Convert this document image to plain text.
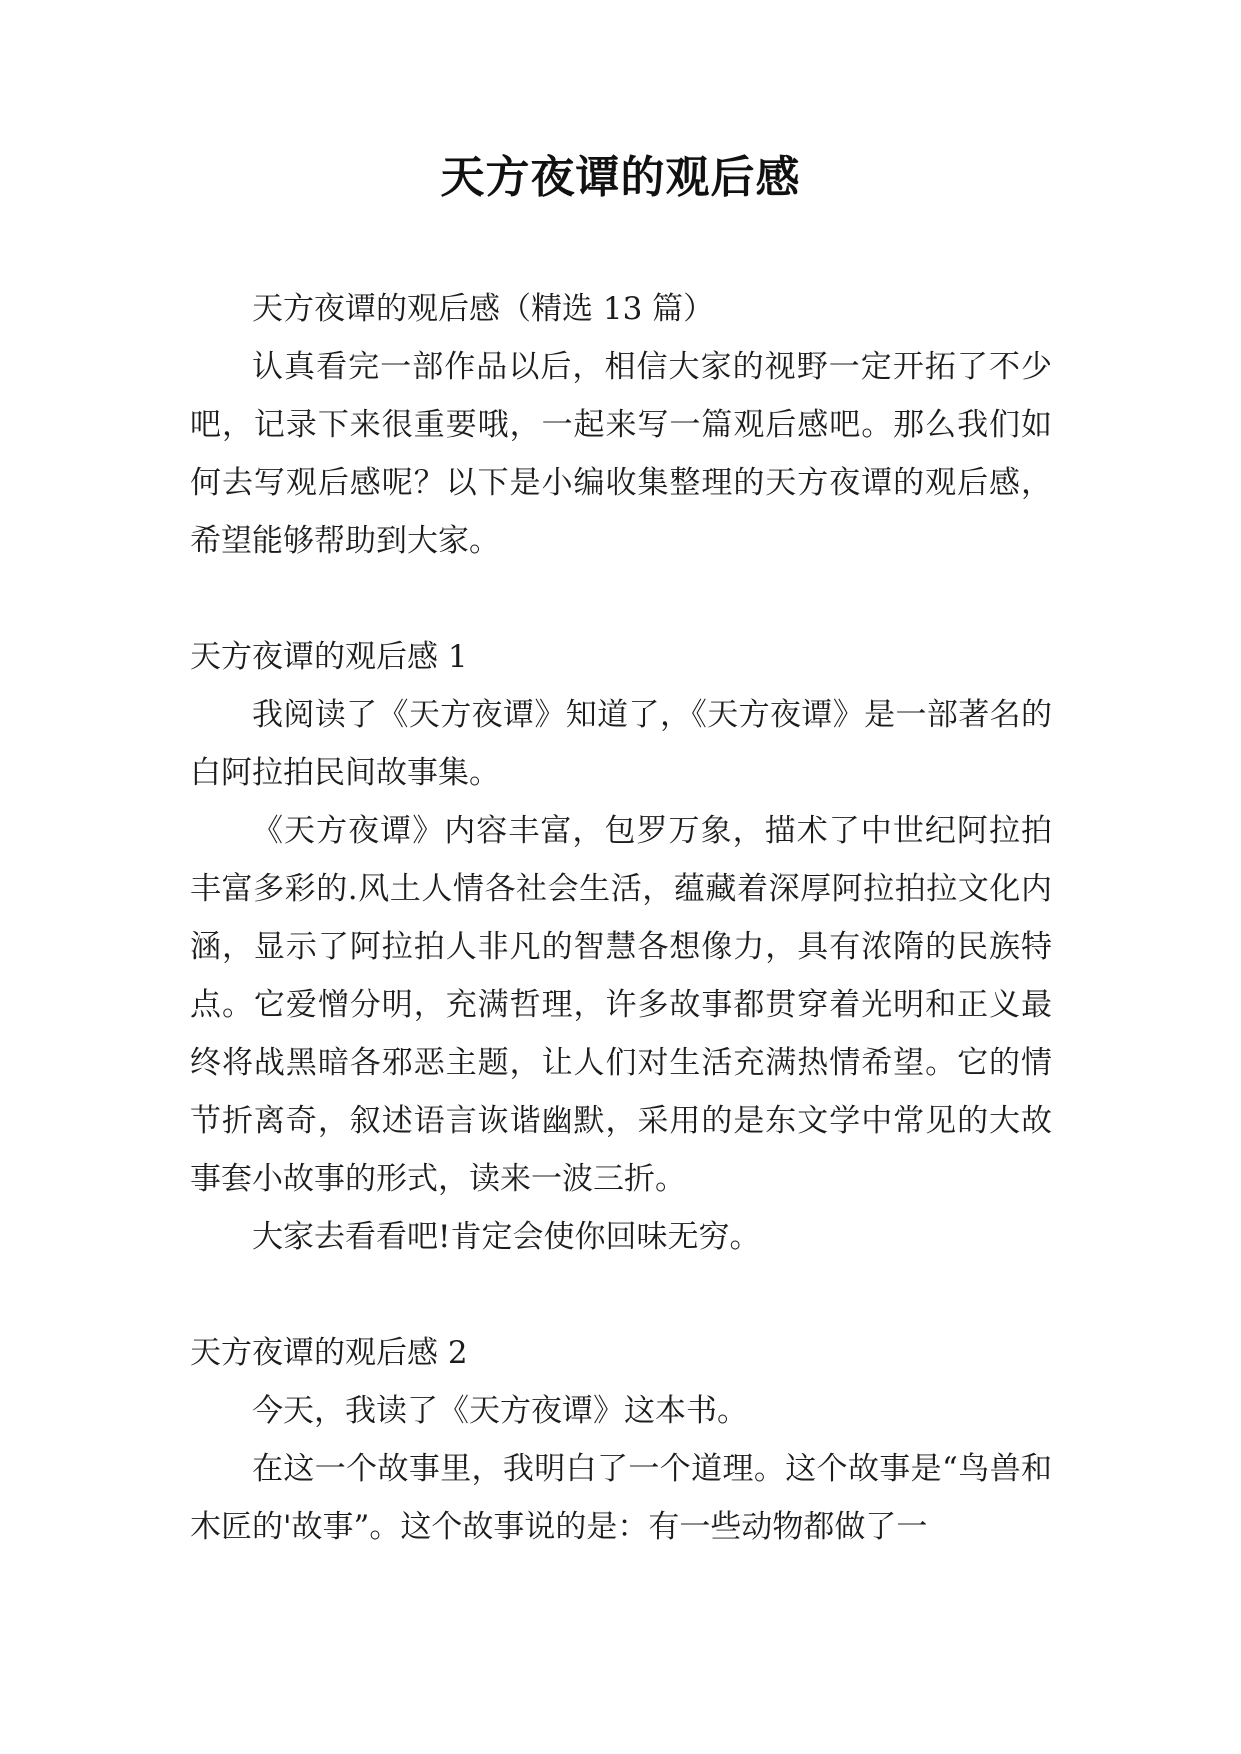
天方夜谭的观后感

天方夜谭的观后感（精选 13 篇）

认真看完一部作品以后，相信大家的视野一定开拓了不少吧，记录下来很重要哦，一起来写一篇观后感吧。那么我们如何去写观后感呢？以下是小编收集整理的天方夜谭的观后感，希望能够帮助到大家。

天方夜谭的观后感 1

我阅读了《天方夜谭》知道了，《天方夜谭》是一部著名的白阿拉拍民间故事集。

《天方夜谭》内容丰富，包罗万象，描术了中世纪阿拉拍丰富多彩的.风土人情各社会生活，蕴藏着深厚阿拉拍拉文化内涵，显示了阿拉拍人非凡的智慧各想像力，具有浓隋的民族特点。它爱憎分明，充满哲理，许多故事都贯穿着光明和正义最终将战黑暗各邪恶主题，让人们对生活充满热情希望。它的情节折离奇，叙述语言诙谐幽默，采用的是东文学中常见的大故事套小故事的形式，读来一波三折。

大家去看看吧!肯定会使你回味无穷。

天方夜谭的观后感 2

今天，我读了《天方夜谭》这本书。

在这一个故事里，我明白了一个道理。这个故事是“鸟兽和木匠的'故事”。这个故事说的是：有一些动物都做了一
